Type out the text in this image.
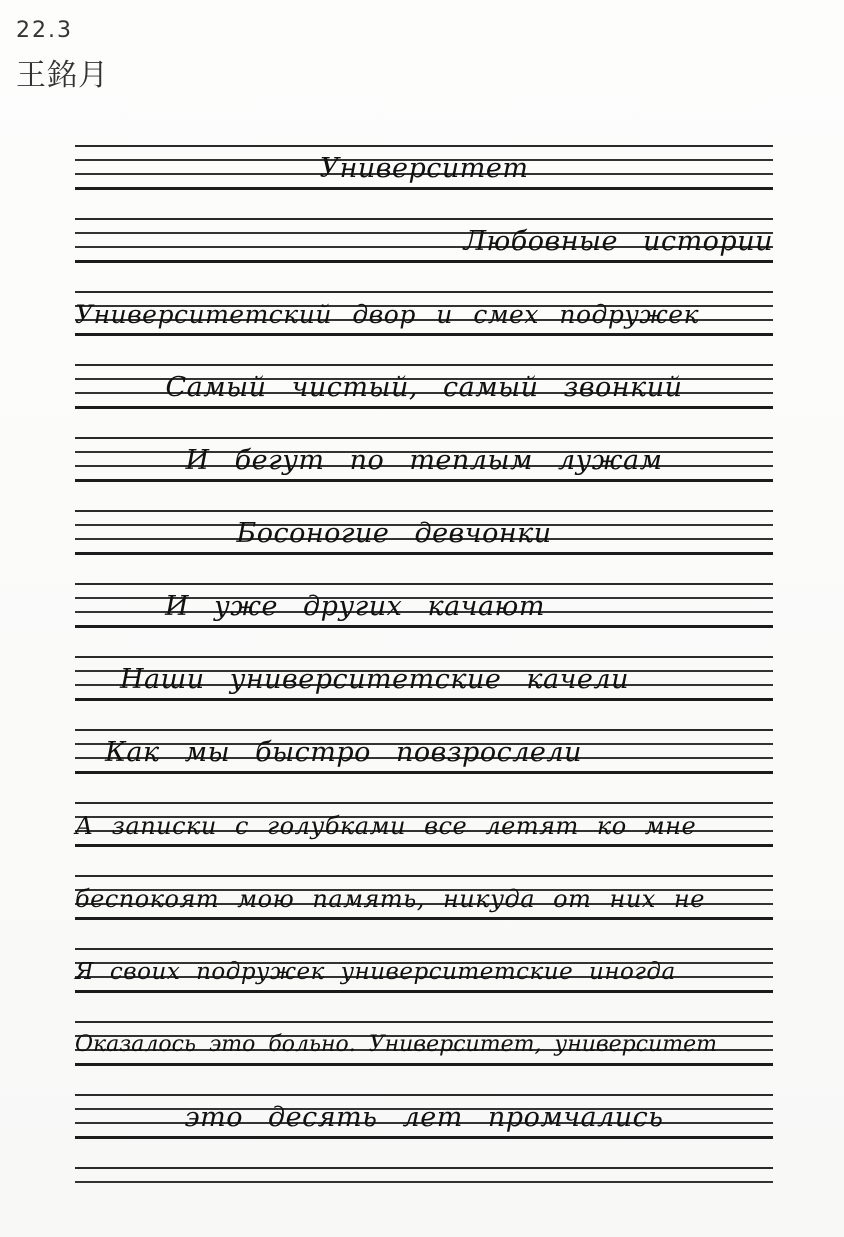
22.3
王銘月
Университет
Любовные истории
Университетский двор и смех подружек
Самый чистый, самый звонкий
И бегут по теплым лужам
Босоногие девчонки
И уже других качают
Наши университетские качели
Как мы быстро повзрослели
А записки с голубками все летят ко мне
беспокоят мою память, никуда от них не
Я своих подружек университетские иногда
Оказалось это больно. Университет, университет
это десять лет промчались
